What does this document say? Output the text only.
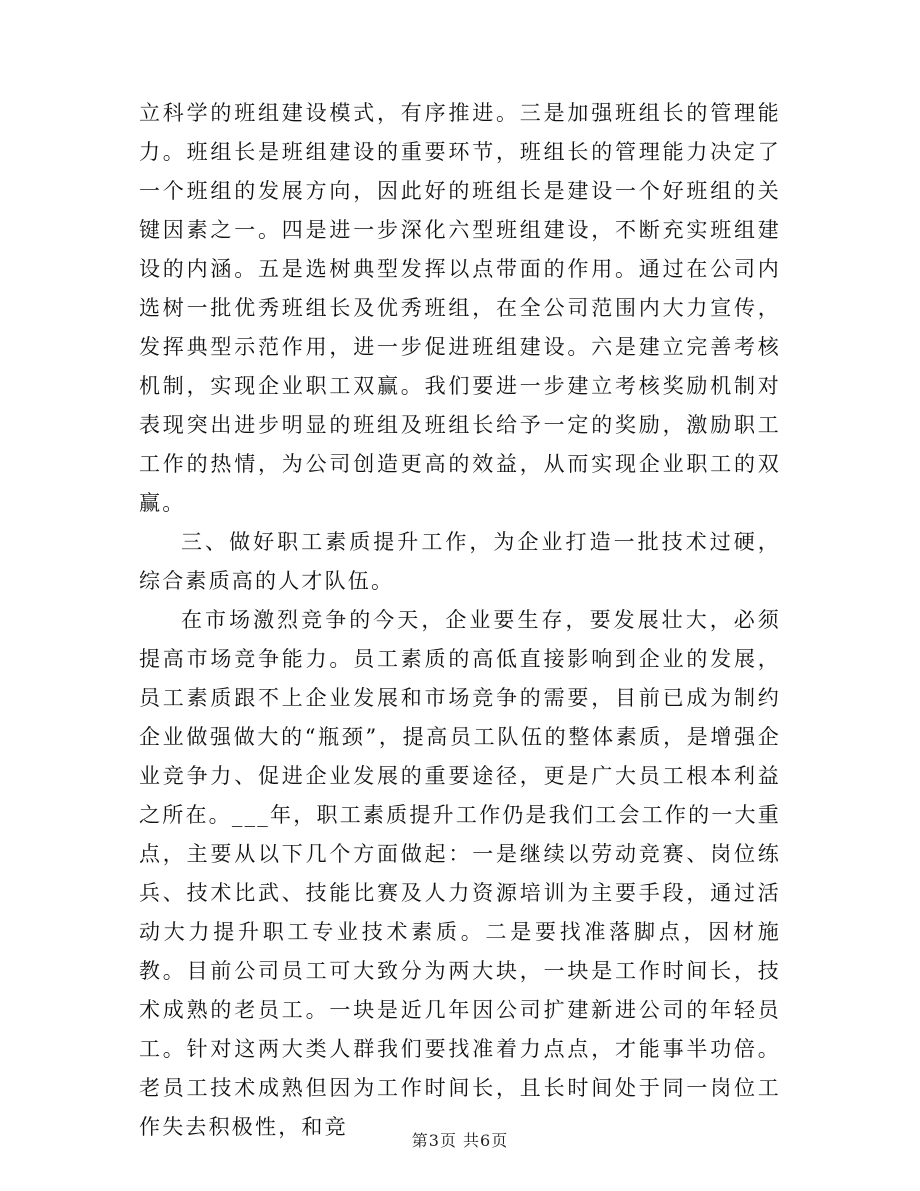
立科学的班组建设模式，有序推进。三是加强班组长的管理能力。班组长是班组建设的重要环节，班组长的管理能力决定了一个班组的发展方向，因此好的班组长是建设一个好班组的关键因素之一。四是进一步深化六型班组建设，不断充实班组建设的内涵。五是选树典型发挥以点带面的作用。通过在公司内选树一批优秀班组长及优秀班组，在全公司范围内大力宣传，发挥典型示范作用，进一步促进班组建设。六是建立完善考核机制，实现企业职工双赢。我们要进一步建立考核奖励机制对表现突出进步明显的班组及班组长给予一定的奖励，激励职工工作的热情，为公司创造更高的效益，从而实现企业职工的双赢。

三、做好职工素质提升工作，为企业打造一批技术过硬，综合素质高的人才队伍。

在市场激烈竞争的今天，企业要生存，要发展壮大，必须提高市场竞争能力。员工素质的高低直接影响到企业的发展，员工素质跟不上企业发展和市场竞争的需要，目前已成为制约企业做强做大的“瓶颈”，提高员工队伍的整体素质，是增强企业竞争力、促进企业发展的重要途径，更是广大员工根本利益之所在。___年，职工素质提升工作仍是我们工会工作的一大重点，主要从以下几个方面做起：一是继续以劳动竞赛、岗位练兵、技术比武、技能比赛及人力资源培训为主要手段，通过活动大力提升职工专业技术素质。二是要找准落脚点，因材施教。目前公司员工可大致分为两大块，一块是工作时间长，技术成熟的老员工。一块是近几年因公司扩建新进公司的年轻员工。针对这两大类人群我们要找准着力点点，才能事半功倍。老员工技术成熟但因为工作时间长，且长时间处于同一岗位工作失去积极性，和竞

第3页 共6页
